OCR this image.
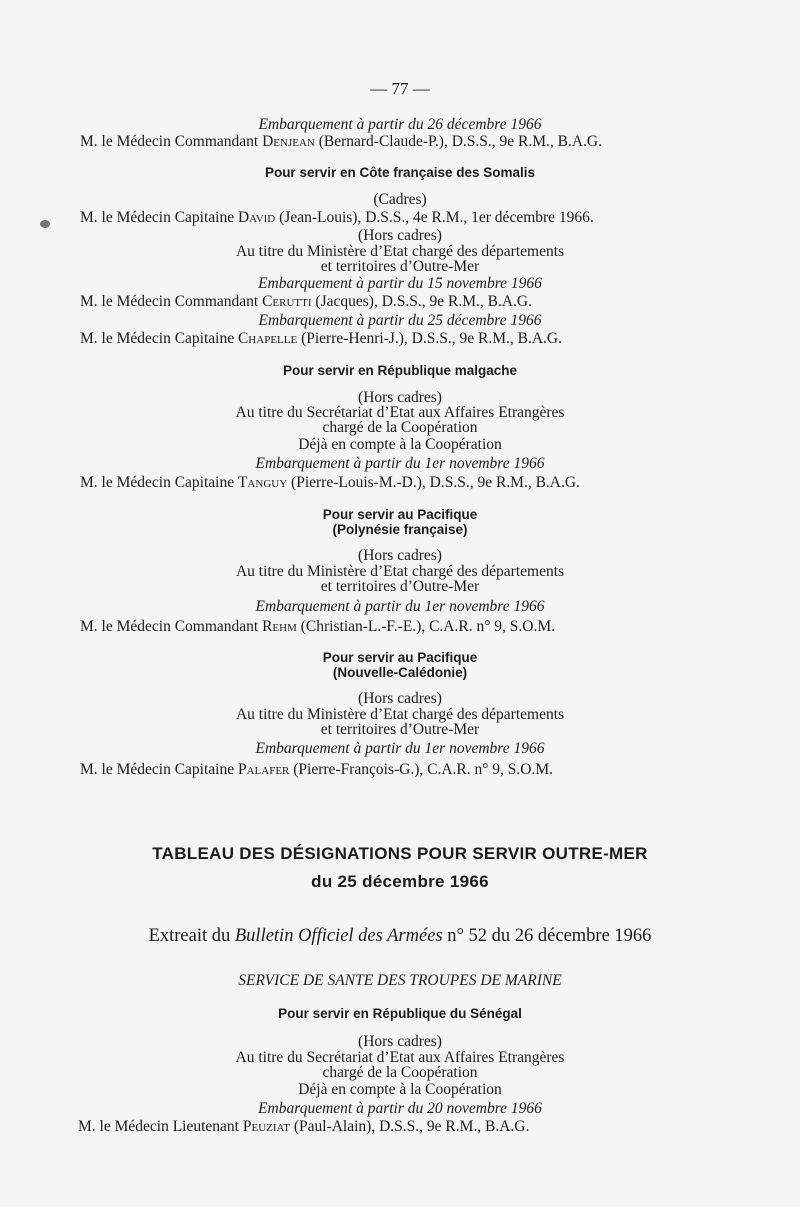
— 77 —
Embarquement à partir du 26 décembre 1966
M. le Médecin Commandant Denjean (Bernard-Claude-P.), D.S.S., 9e R.M., B.A.G.
Pour servir en Côte française des Somalis
(Cadres)
M. le Médecin Capitaine David (Jean-Louis), D.S.S., 4e R.M., 1er décembre 1966.
(Hors cadres)
Au titre du Ministère d’Etat chargé des départements
et territoires d’Outre-Mer
Embarquement à partir du 15 novembre 1966
M. le Médecin Commandant Cerutti (Jacques), D.S.S., 9e R.M., B.A.G.
Embarquement à partir du 25 décembre 1966
M. le Médecin Capitaine Chapelle (Pierre-Henri-J.), D.S.S., 9e R.M., B.A.G.
Pour servir en République malgache
(Hors cadres)
Au titre du Secrétariat d’Etat aux Affaires Etrangères
chargé de la Coopération
Déjà en compte à la Coopération
Embarquement à partir du 1er novembre 1966
M. le Médecin Capitaine Tanguy (Pierre-Louis-M.-D.), D.S.S., 9e R.M., B.A.G.
Pour servir au Pacifique
(Polynésie française)
(Hors cadres)
Au titre du Ministère d’Etat chargé des départements
et territoires d’Outre-Mer
Embarquement à partir du 1er novembre 1966
M. le Médecin Commandant Rehm (Christian-L.-F.-E.), C.A.R. n° 9, S.O.M.
Pour servir au Pacifique
(Nouvelle-Calédonie)
(Hors cadres)
Au titre du Ministère d’Etat chargé des départements
et territoires d’Outre-Mer
Embarquement à partir du 1er novembre 1966
M. le Médecin Capitaine Palafer (Pierre-François-G.), C.A.R. n° 9, S.O.M.
TABLEAU DES DÉSIGNATIONS POUR SERVIR OUTRE-MER
du 25 décembre 1966
Extreait du Bulletin Officiel des Armées n° 52 du 26 décembre 1966
SERVICE DE SANTE DES TROUPES DE MARINE
Pour servir en République du Sénégal
(Hors cadres)
Au titre du Secrétariat d’Etat aux Affaires Etrangères
chargé de la Coopération
Déjà en compte à la Coopération
Embarquement à partir du 20 novembre 1966
M. le Médecin Lieutenant Peuziat (Paul-Alain), D.S.S., 9e R.M., B.A.G.
